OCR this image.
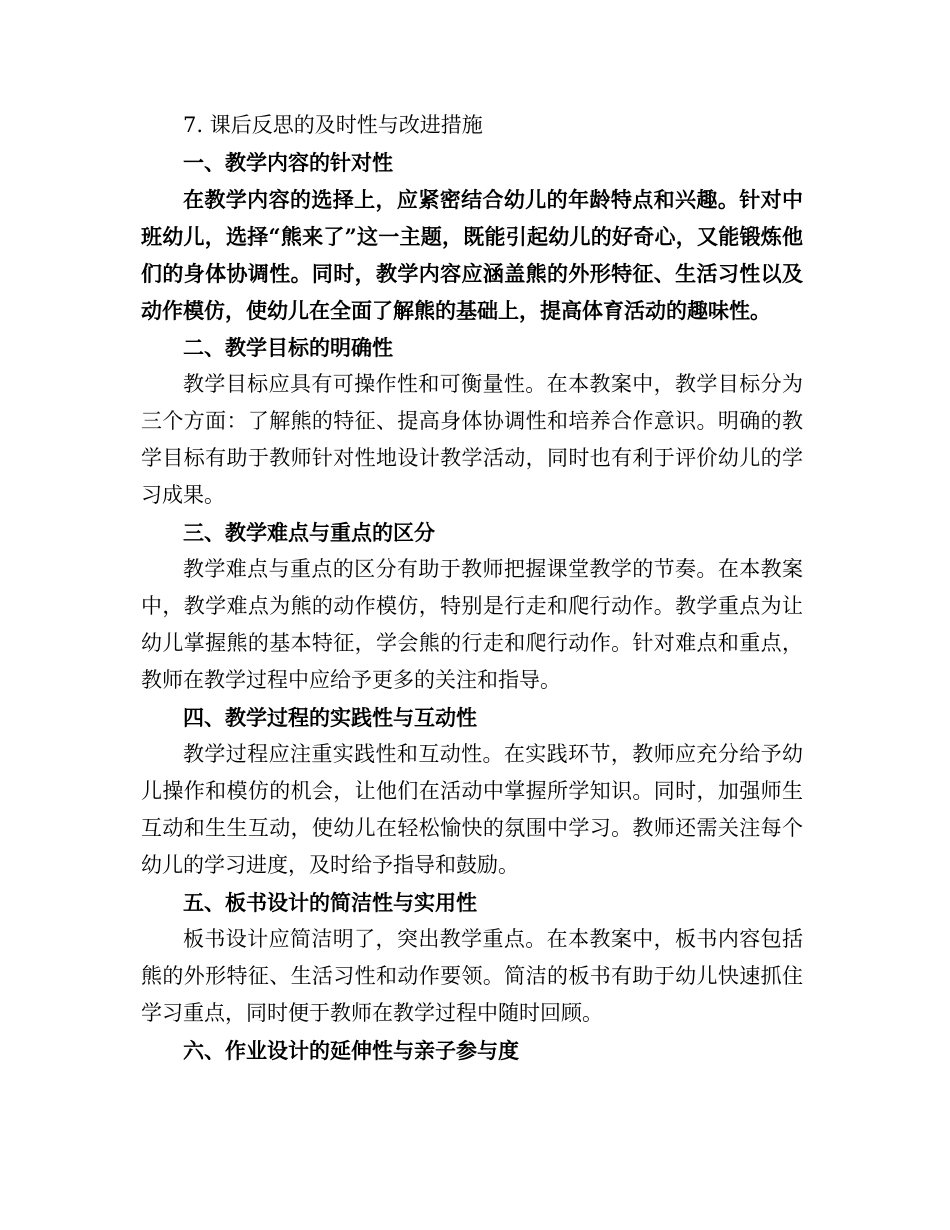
7. 课后反思的及时性与改进措施

一、教学内容的针对性

在教学内容的选择上，应紧密结合幼儿的年龄特点和兴趣。针对中班幼儿，选择“熊来了”这一主题，既能引起幼儿的好奇心，又能锻炼他们的身体协调性。同时，教学内容应涵盖熊的外形特征、生活习性以及动作模仿，使幼儿在全面了解熊的基础上，提高体育活动的趣味性。

二、教学目标的明确性

教学目标应具有可操作性和可衡量性。在本教案中，教学目标分为三个方面：了解熊的特征、提高身体协调性和培养合作意识。明确的教学目标有助于教师针对性地设计教学活动，同时也有利于评价幼儿的学习成果。

三、教学难点与重点的区分

教学难点与重点的区分有助于教师把握课堂教学的节奏。在本教案中，教学难点为熊的动作模仿，特别是行走和爬行动作。教学重点为让幼儿掌握熊的基本特征，学会熊的行走和爬行动作。针对难点和重点，教师在教学过程中应给予更多的关注和指导。

四、教学过程的实践性与互动性

教学过程应注重实践性和互动性。在实践环节，教师应充分给予幼儿操作和模仿的机会，让他们在活动中掌握所学知识。同时，加强师生互动和生生互动，使幼儿在轻松愉快的氛围中学习。教师还需关注每个幼儿的学习进度，及时给予指导和鼓励。

五、板书设计的简洁性与实用性

板书设计应简洁明了，突出教学重点。在本教案中，板书内容包括熊的外形特征、生活习性和动作要领。简洁的板书有助于幼儿快速抓住学习重点，同时便于教师在教学过程中随时回顾。

六、作业设计的延伸性与亲子参与度
